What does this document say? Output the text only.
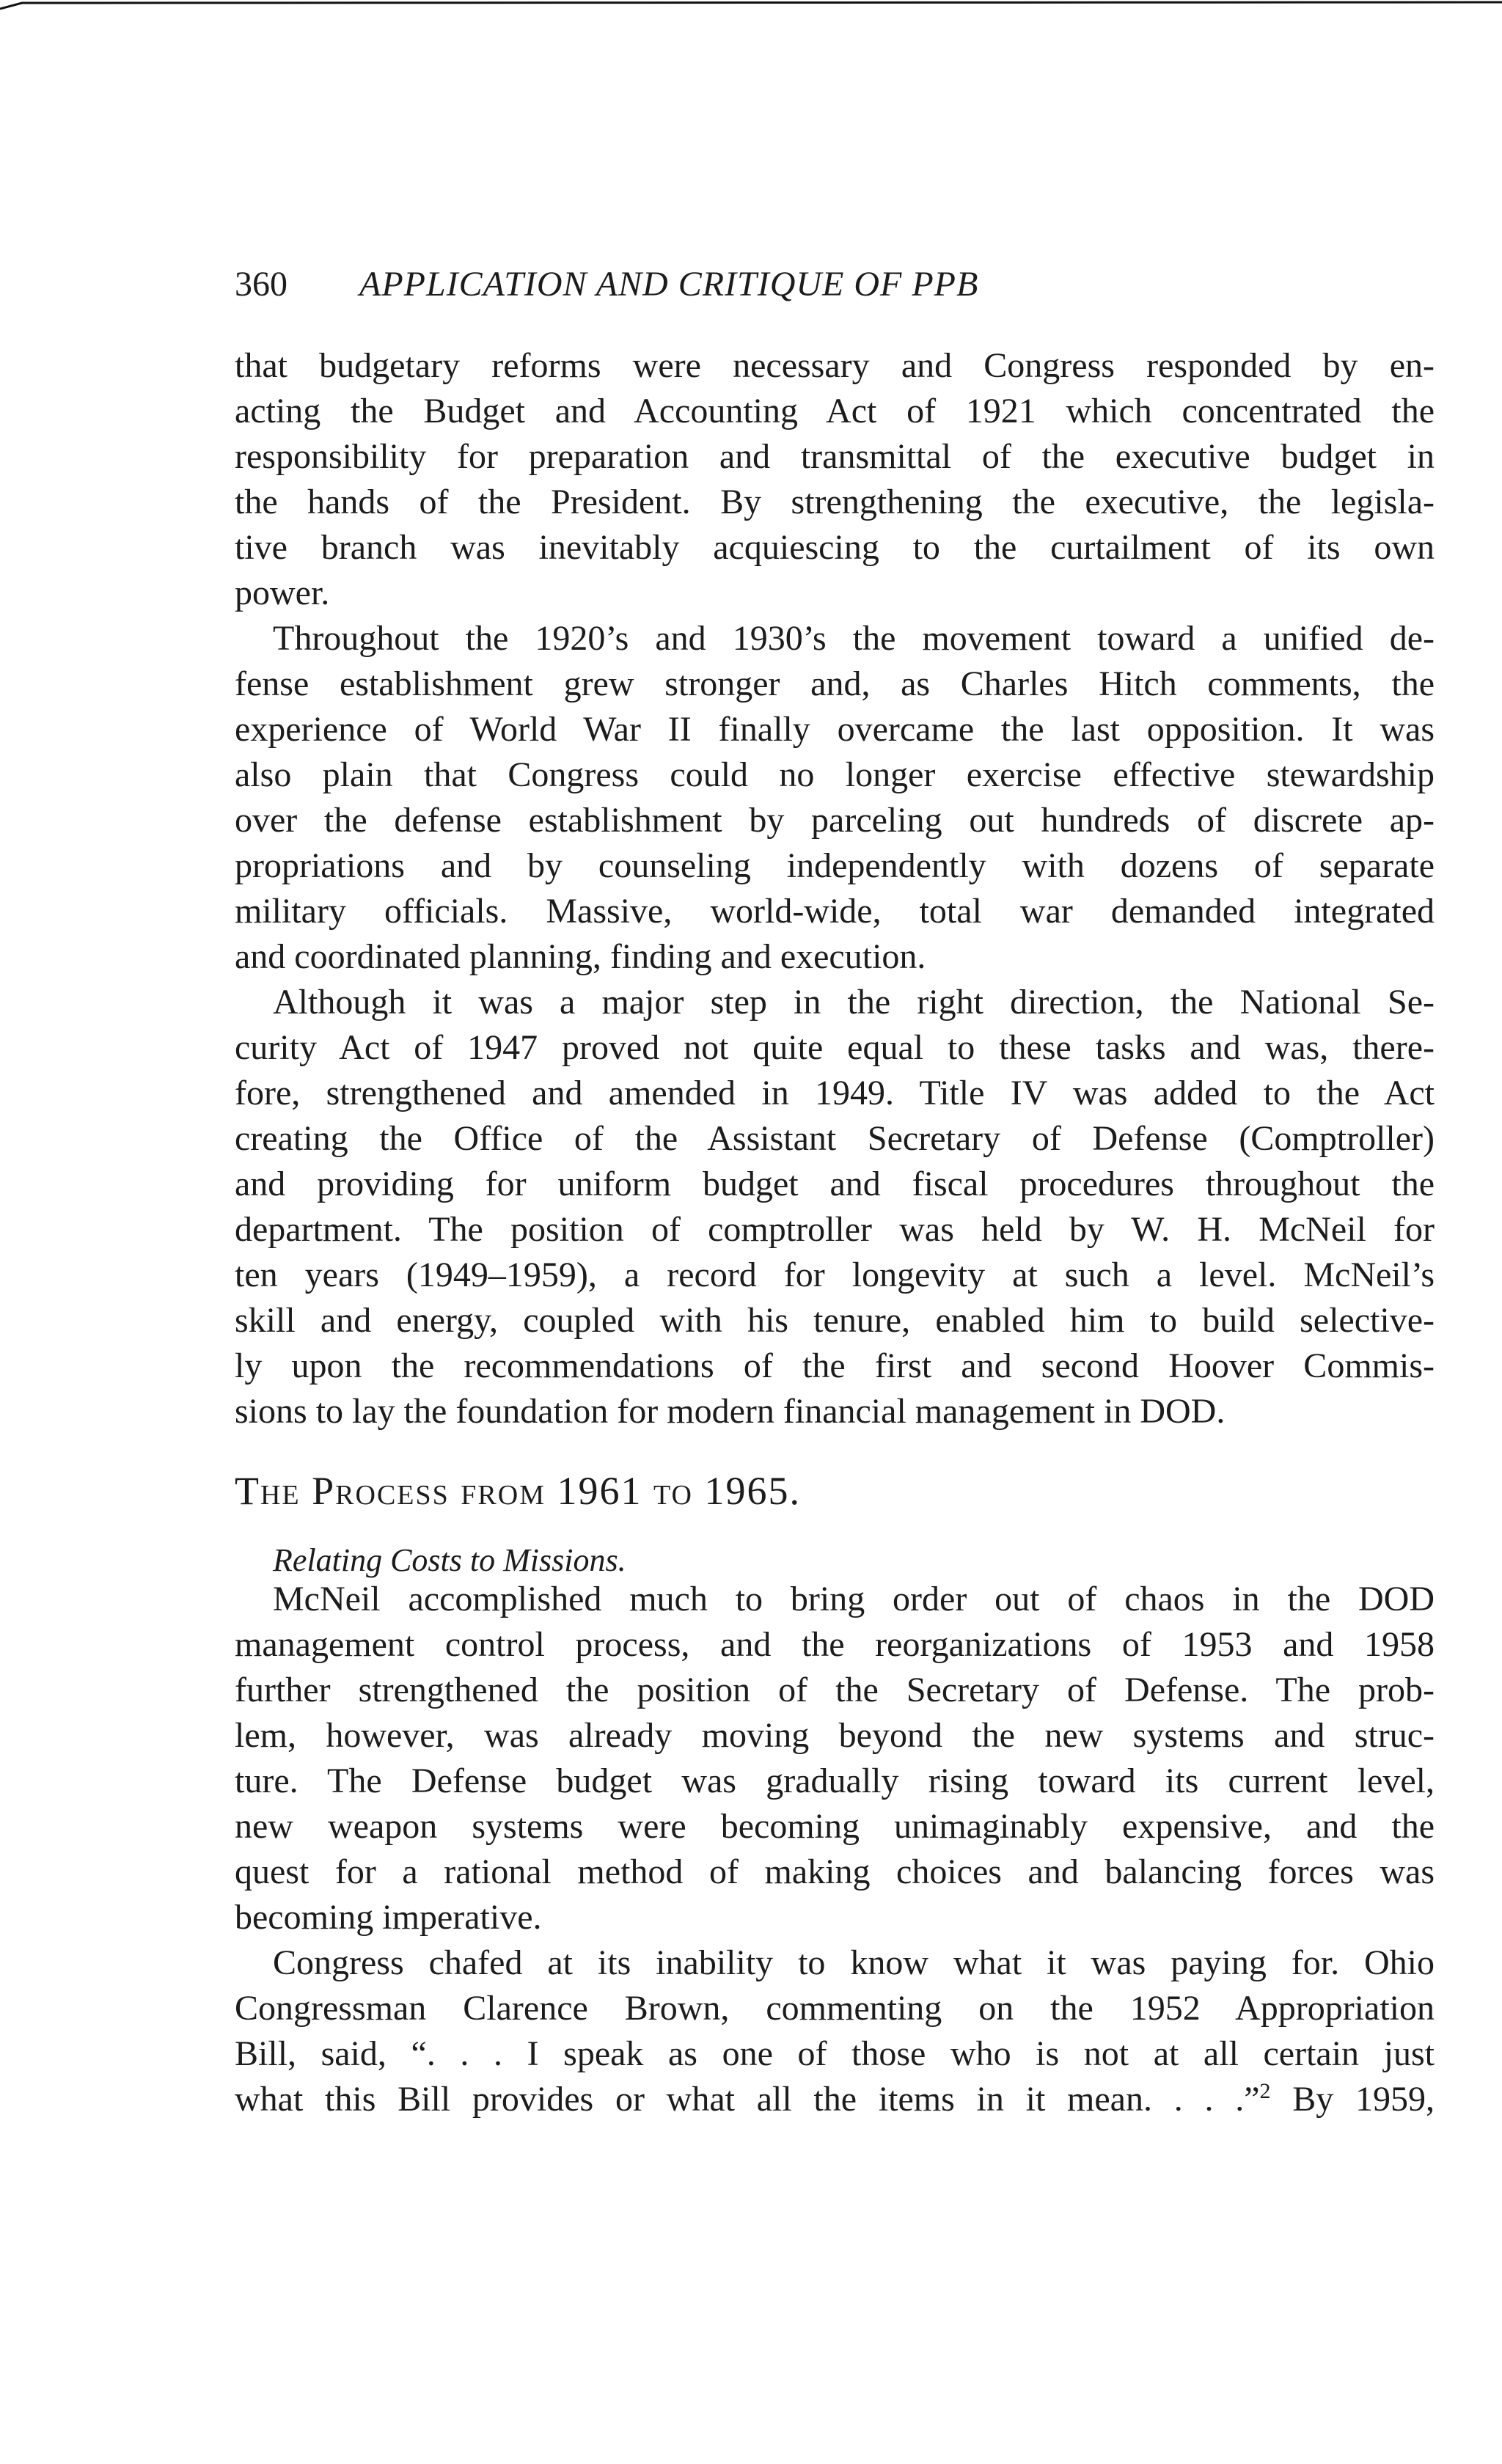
360 APPLICATION AND CRITIQUE OF PPB
that budgetary reforms were necessary and Congress responded by en-
acting the Budget and Accounting Act of 1921 which concentrated the
responsibility for preparation and transmittal of the executive budget in
the hands of the President. By strengthening the executive, the legisla-
tive branch was inevitably acquiescing to the curtailment of its own
power.
Throughout the 1920’s and 1930’s the movement toward a unified de-
fense establishment grew stronger and, as Charles Hitch comments, the
experience of World War II finally overcame the last opposition. It was
also plain that Congress could no longer exercise effective stewardship
over the defense establishment by parceling out hundreds of discrete ap-
propriations and by counseling independently with dozens of separate
military officials. Massive, world-wide, total war demanded integrated
and coordinated planning, finding and execution.
Although it was a major step in the right direction, the National Se-
curity Act of 1947 proved not quite equal to these tasks and was, there-
fore, strengthened and amended in 1949. Title IV was added to the Act
creating the Office of the Assistant Secretary of Defense (Comptroller)
and providing for uniform budget and fiscal procedures throughout the
department. The position of comptroller was held by W. H. McNeil for
ten years (1949–1959), a record for longevity at such a level. McNeil’s
skill and energy, coupled with his tenure, enabled him to build selective-
ly upon the recommendations of the first and second Hoover Commis-
sions to lay the foundation for modern financial management in DOD.
The Process from 1961 to 1965.
Relating Costs to Missions.
McNeil accomplished much to bring order out of chaos in the DOD
management control process, and the reorganizations of 1953 and 1958
further strengthened the position of the Secretary of Defense. The prob-
lem, however, was already moving beyond the new systems and struc-
ture. The Defense budget was gradually rising toward its current level,
new weapon systems were becoming unimaginably expensive, and the
quest for a rational method of making choices and balancing forces was
becoming imperative.
Congress chafed at its inability to know what it was paying for. Ohio
Congressman Clarence Brown, commenting on the 1952 Appropriation
Bill, said, “. . . I speak as one of those who is not at all certain just
what this Bill provides or what all the items in it mean. . . .”$^2$ By 1959,
